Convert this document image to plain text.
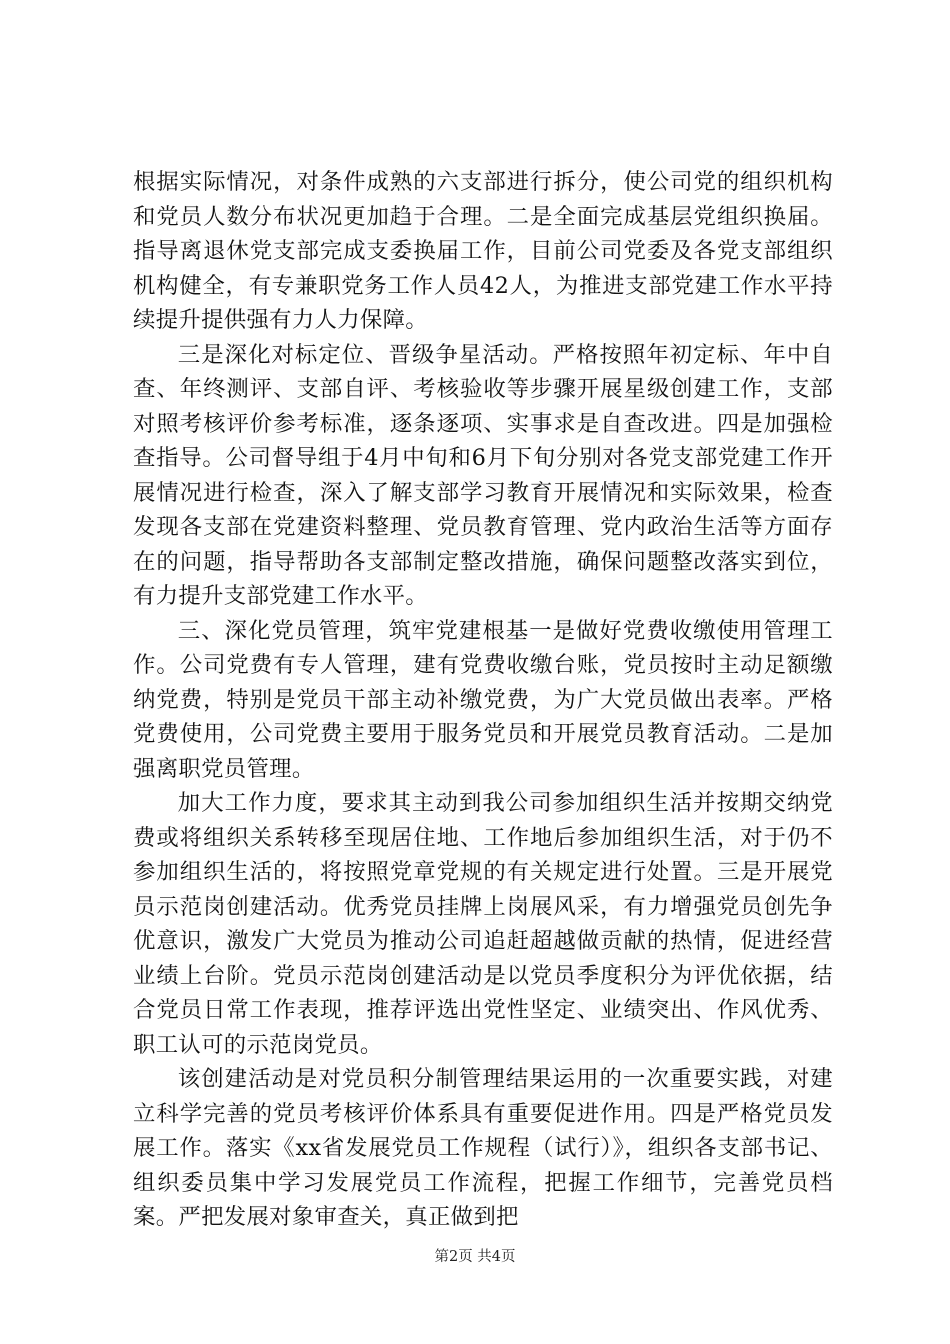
根据实际情况，对条件成熟的六支部进行拆分，使公司党的组织机构和党员人数分布状况更加趋于合理。二是全面完成基层党组织换届。指导离退休党支部完成支委换届工作，目前公司党委及各党支部组织机构健全，有专兼职党务工作人员42人，为推进支部党建工作水平持续提升提供强有力人力保障。

三是深化对标定位、晋级争星活动。严格按照年初定标、年中自查、年终测评、支部自评、考核验收等步骤开展星级创建工作，支部对照考核评价参考标准，逐条逐项、实事求是自查改进。四是加强检查指导。公司督导组于4月中旬和6月下旬分别对各党支部党建工作开展情况进行检查，深入了解支部学习教育开展情况和实际效果，检查发现各支部在党建资料整理、党员教育管理、党内政治生活等方面存在的问题，指导帮助各支部制定整改措施，确保问题整改落实到位，有力提升支部党建工作水平。

三、深化党员管理，筑牢党建根基一是做好党费收缴使用管理工作。公司党费有专人管理，建有党费收缴台账，党员按时主动足额缴纳党费，特别是党员干部主动补缴党费，为广大党员做出表率。严格党费使用，公司党费主要用于服务党员和开展党员教育活动。二是加强离职党员管理。

加大工作力度，要求其主动到我公司参加组织生活并按期交纳党费或将组织关系转移至现居住地、工作地后参加组织生活，对于仍不参加组织生活的，将按照党章党规的有关规定进行处置。三是开展党员示范岗创建活动。优秀党员挂牌上岗展风采，有力增强党员创先争优意识，激发广大党员为推动公司追赶超越做贡献的热情，促进经营业绩上台阶。党员示范岗创建活动是以党员季度积分为评优依据，结合党员日常工作表现，推荐评选出党性坚定、业绩突出、作风优秀、职工认可的示范岗党员。

该创建活动是对党员积分制管理结果运用的一次重要实践，对建立科学完善的党员考核评价体系具有重要促进作用。四是严格党员发展工作。落实《xx省发展党员工作规程（试行）》，组织各支部书记、组织委员集中学习发展党员工作流程，把握工作细节，完善党员档案。严把发展对象审查关，真正做到把

第2页 共4页
